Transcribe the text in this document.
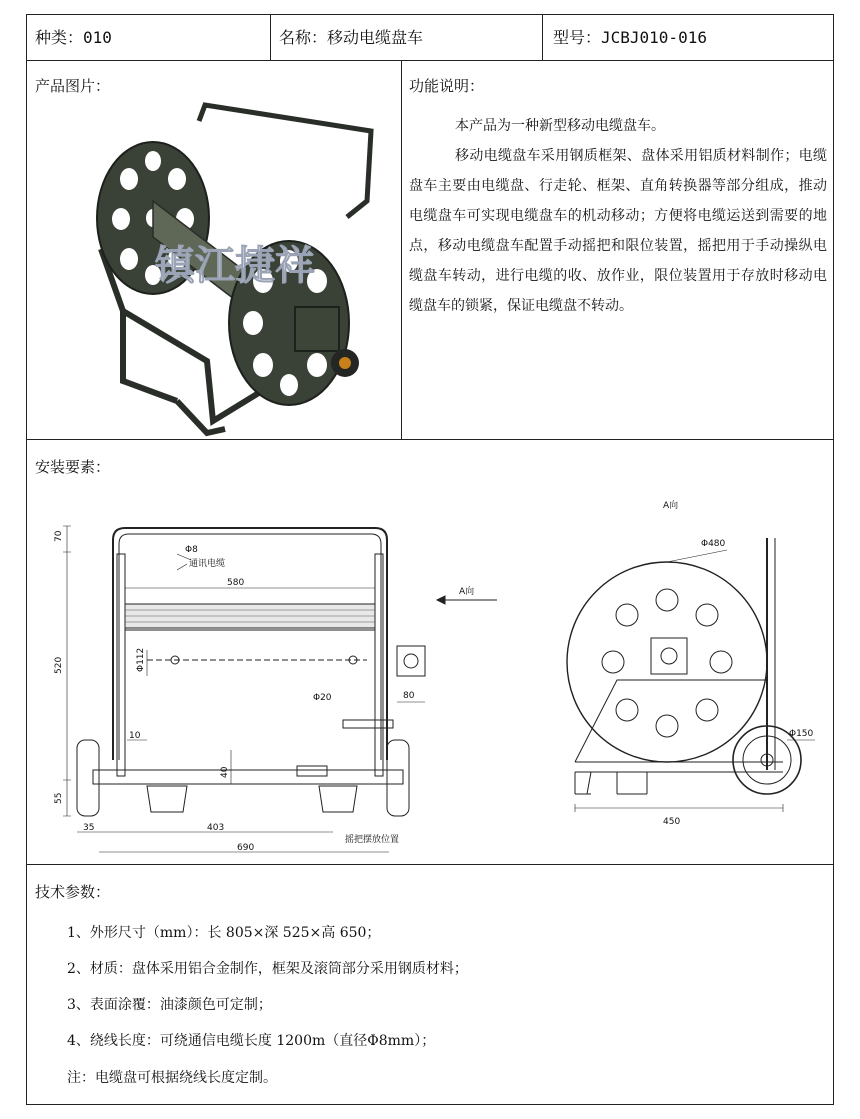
种类：010	名称：移动电缆盘车	型号：JCBJ010-016
产品图片：
镇江捷祥
功能说明：

本产品为一种新型移动电缆盘车。

移动电缆盘车采用钢质框架、盘体采用铝质材料制作；电缆盘车主要由电缆盘、行走轮、框架、直角转换器等部分组成，推动电缆盘车可实现电缆盘车的机动移动；方便将电缆运送到需要的地点，移动电缆盘车配置手动摇把和限位装置，摇把用于手动操纵电缆盘车转动，进行电缆的收、放作业，限位装置用于存放时移动电缆盘车的锁紧，保证电缆盘不转动。

安装要素：
Φ8
通讯电缆
580
70
520	Φ112
Φ20	80
10
40
55
35	403
690
摇把摆放位置
A向
A向
Φ480
Φ150
450
技术参数：
1、外形尺寸（mm）：长 805×深 525×高 650；
2、材质：盘体采用铝合金制作，框架及滚筒部分采用钢质材料；
3、表面涂覆：油漆颜色可定制；
4、绕线长度：可绕通信电缆长度 1200m（直径Φ8mm）；
注：电缆盘可根据绕线长度定制。
